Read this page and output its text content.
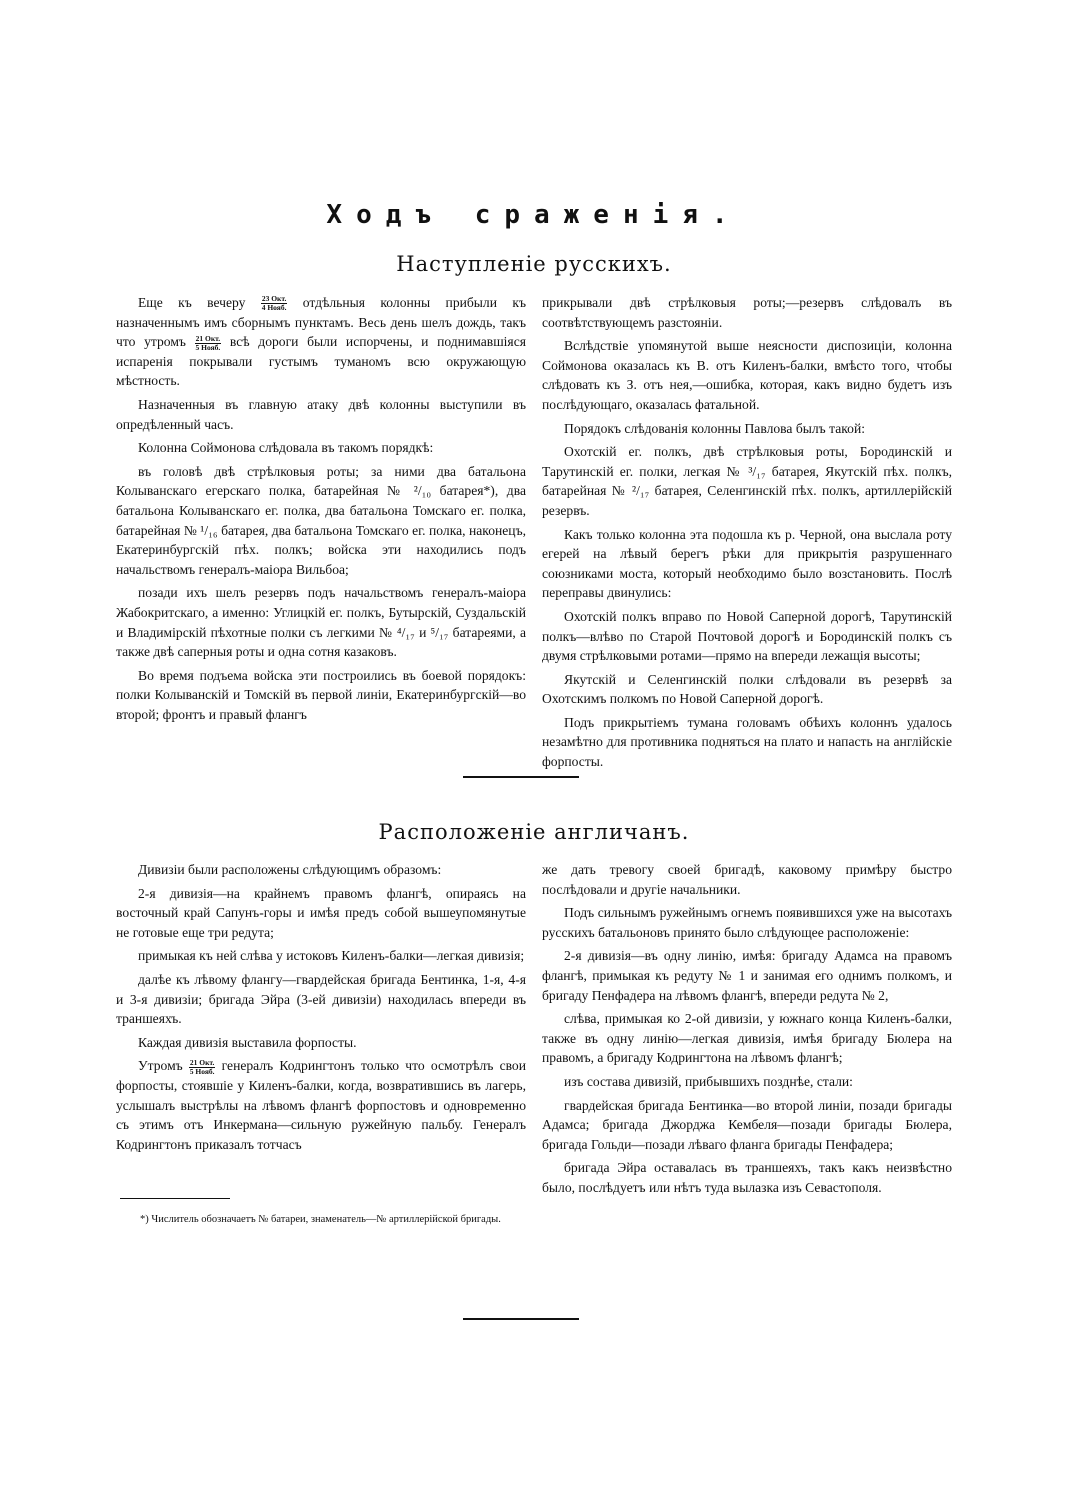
Ходъ сраженія.
Наступленіе русскихъ.

Еще къ вечеру $\frac{\text{23 Окт.}}{\text{4 Нояб.}}$ отдѣльныя колонны прибыли къ назначеннымъ имъ сборнымъ пунктамъ. Весь день шелъ дождь, такъ что утромъ $\frac{\text{21 Окт.}}{\text{5 Нояб.}}$ всѣ дороги были испорчены, и поднимавшіяся испаренія покрывали густымъ туманомъ всю окружающую мѣстность.

Назначенныя въ главную атаку двѣ колонны выступили въ опредѣленный часъ.

Колонна Соймонова слѣдовала въ такомъ порядкѣ:

въ головѣ двѣ стрѣлковыя роты; за ними два батальона Колыванскаго егерскаго полка, батарейная № ²/₁₀ батарея*), два батальона Колыванскаго ег. полка, два батальона Томскаго ег. полка, батарейная № ¹/₁₆ батарея, два батальона Томскаго ег. полка, наконецъ, Екатеринбургскій пѣх. полкъ; войска эти находились подъ начальствомъ генералъ-маіора Вильбоа;

позади ихъ шелъ резервъ подъ начальствомъ генералъ-маіора Жабокритскаго, а именно: Углицкій ег. полкъ, Бутырскій, Суздальскій и Владимірскій пѣхотные полки съ легкими № ⁴/₁₇ и ⁵/₁₇ батареями, а также двѣ саперныя роты и одна сотня казаковъ.

Во время подъема войска эти построились въ боевой порядокъ: полки Колыванскій и Томскій въ первой линіи, Екатеринбургскій—во второй; фронтъ и правый флангъ

прикрывали двѣ стрѣлковыя роты;—резервъ слѣдовалъ въ соотвѣтствующемъ разстояніи.

Вслѣдствіе упомянутой выше неясности диспозиціи, колонна Соймонова оказалась къ В. отъ Киленъ-балки, вмѣсто того, чтобы слѣдовать къ З. отъ нея,—ошибка, которая, какъ видно будетъ изъ послѣдующаго, оказалась фатальной.

Порядокъ слѣдованія колонны Павлова былъ такой:

Охотскій ег. полкъ, двѣ стрѣлковыя роты, Бородинскій и Тарутинскій ег. полки, легкая № ³/₁₇ батарея, Якутскій пѣх. полкъ, батарейная № ²/₁₇ батарея, Селенгинскій пѣх. полкъ, артиллерійскій резервъ.

Какъ только колонна эта подошла къ р. Черной, она выслала роту егерей на лѣвый берегъ рѣки для прикрытія разрушеннаго союзниками моста, который необходимо было возстановить. Послѣ переправы двинулись:

Охотскій полкъ вправо по Новой Саперной дорогѣ, Тарутинскій полкъ—влѣво по Старой Почтовой дорогѣ и Бородинскій полкъ съ двумя стрѣлковыми ротами—прямо на впереди лежащія высоты;

Якутскій и Селенгинскій полки слѣдовали въ резервѣ за Охотскимъ полкомъ по Новой Саперной дорогѣ.

Подъ прикрытіемъ тумана головамъ обѣихъ колоннъ удалось незамѣтно для противника подняться на плато и напасть на англійскіе форпосты.

Расположеніе англичанъ.

Дивизіи были расположены слѣдующимъ образомъ:

2-я дивизія—на крайнемъ правомъ флангѣ, опираясь на восточный край Сапунъ-горы и имѣя предъ собой вышеупомянутые не готовые еще три редута;

примыкая къ ней слѣва у истоковъ Киленъ-балки—легкая дивизія;

далѣе къ лѣвому флангу—гвардейская бригада Бентинка, 1-я, 4-я и 3-я дивизіи; бригада Эйра (3-ей дивизіи) находилась впереди въ траншеяхъ.

Каждая дивизія выставила форпосты.

Утромъ $\frac{\text{21 Окт.}}{\text{5 Нояб.}}$ генералъ Кодрингтонъ только что осмотрѣлъ свои форпосты, стоявшіе у Киленъ-балки, когда, возвратившись въ лагерь, услышалъ выстрѣлы на лѣвомъ флангѣ форпостовъ и одновременно съ этимъ отъ Инкермана—сильную ружейную пальбу. Генералъ Кодрингтонъ приказалъ тотчасъ

же дать тревогу своей бригадѣ, каковому примѣру быстро послѣдовали и другіе начальники.

Подъ сильнымъ ружейнымъ огнемъ появившихся уже на высотахъ русскихъ батальоновъ принято было слѣдующее расположеніе:

2-я дивизія—въ одну линію, имѣя: бригаду Адамса на правомъ флангѣ, примыкая къ редуту № 1 и занимая его однимъ полкомъ, и бригаду Пенфадера на лѣвомъ флангѣ, впереди редута № 2,

слѣва, примыкая ко 2-ой дивизіи, у южнаго конца Киленъ-балки, также въ одну линію—легкая дивизія, имѣя бригаду Бюлера на правомъ, а бригаду Кодрингтона на лѣвомъ флангѣ;

изъ состава дивизій, прибывшихъ позднѣе, стали:

гвардейская бригада Бентинка—во второй линіи, позади бригады Адамса; бригада Джорджа Кембеля—позади бригады Бюлера, бригада Гольди—позади лѣваго фланга бригады Пенфадера;

бригада Эйра оставалась въ траншеяхъ, такъ какъ неизвѣстно было, послѣдуетъ или нѣтъ туда вылазка изъ Севастополя.

*) Числитель обозначаетъ № батареи, знаменатель—№ артиллерійской бригады.
